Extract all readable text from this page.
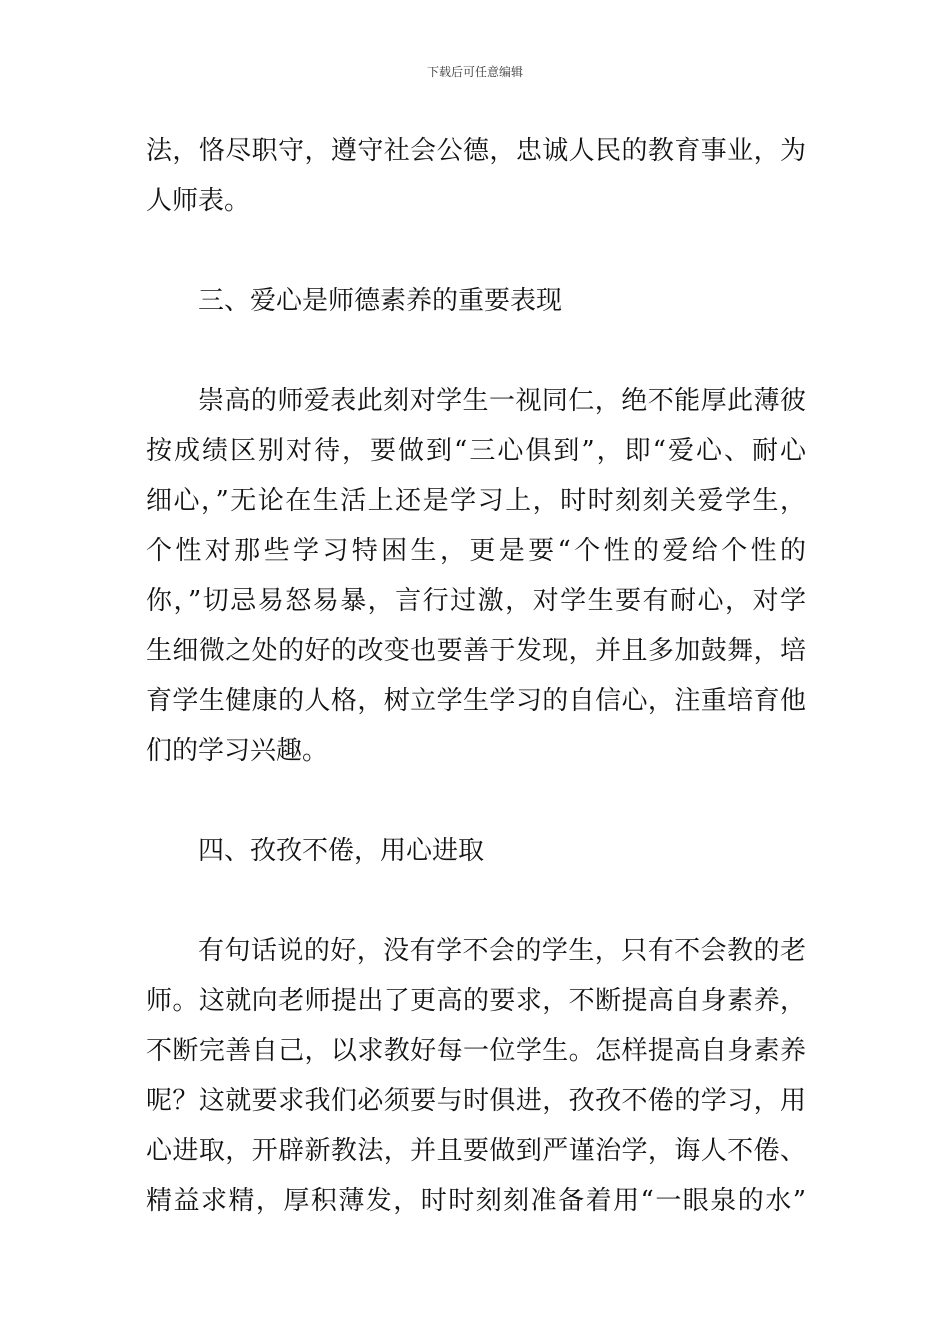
下载后可任意编辑
法，恪尽职守，遵守社会公德，忠诚人民的教育事业，为
人师表。
三、爱心是师德素养的重要表现
崇高的师爱表此刻对学生一视同仁，绝不能厚此薄彼
按成绩区别对待，要做到“三心俱到”，即“爱心、耐心
细心，”无论在生活上还是学习上，时时刻刻关爱学生，
个性对那些学习特困生，更是要“个性的爱给个性的
你，”切忌易怒易暴，言行过激，对学生要有耐心，对学
生细微之处的好的改变也要善于发现，并且多加鼓舞，培
育学生健康的人格，树立学生学习的自信心，注重培育他
们的学习兴趣。
四、孜孜不倦，用心进取
有句话说的好，没有学不会的学生，只有不会教的老
师。这就向老师提出了更高的要求，不断提高自身素养，
不断完善自己，以求教好每一位学生。怎样提高自身素养
呢？这就要求我们必须要与时俱进，孜孜不倦的学习，用
心进取，开辟新教法，并且要做到严谨治学，诲人不倦、
精益求精，厚积薄发，时时刻刻准备着用“一眼泉的水”
